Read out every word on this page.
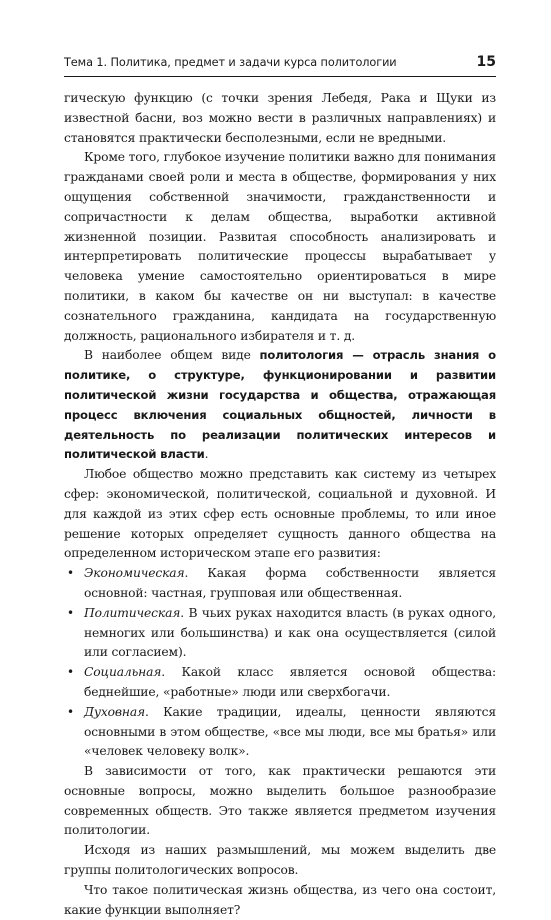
Тема 1. Политика, предмет и задачи курса политологии	15

гическую функцию (с точки зрения Лебедя, Рака и Щуки из известной басни, воз можно вести в различных направлениях) и становятся практически бесполезными, если не вредными.

Кроме того, глубокое изучение политики важно для понимания гражданами своей роли и места в обществе, формирования у них ощущения собственной значимости, гражданственности и сопричастности к делам общества, выработки активной жизненной позиции. Развитая способность анализировать и интерпретировать политические процессы вырабатывает у человека умение самостоятельно ориентироваться в мире политики, в каком бы качестве он ни выступал: в качестве сознательного гражданина, кандидата на государственную должность, рационального избирателя и т. д.

В наиболее общем виде политология — отрасль знания о политике, о структуре, функционировании и развитии политической жизни государства и общества, отражающая процесс включения социальных общностей, личности в деятельность по реализации политических интересов и политической власти.

Любое общество можно представить как систему из четырех сфер: экономической, политической, социальной и духовной. И для каждой из этих сфер есть основные проблемы, то или иное решение которых определяет сущность данного общества на определенном историческом этапе его развития:

• Экономическая. Какая форма собственности является основной: частная, групповая или общественная.
• Политическая. В чьих руках находится власть (в руках одного, немногих или большинства) и как она осуществляется (силой или согласием).
• Социальная. Какой класс является основой общества: беднейшие, «работные» люди или сверхбогачи.
• Духовная. Какие традиции, идеалы, ценности являются основными в этом обществе, «все мы люди, все мы братья» или «человек человеку волк».

В зависимости от того, как практически решаются эти основные вопросы, можно выделить большое разнообразие современных обществ. Это также является предметом изучения политологии.

Исходя из наших размышлений, мы можем выделить две группы политологических вопросов.

Что такое политическая жизнь общества, из чего она состоит, какие функции выполняет?
